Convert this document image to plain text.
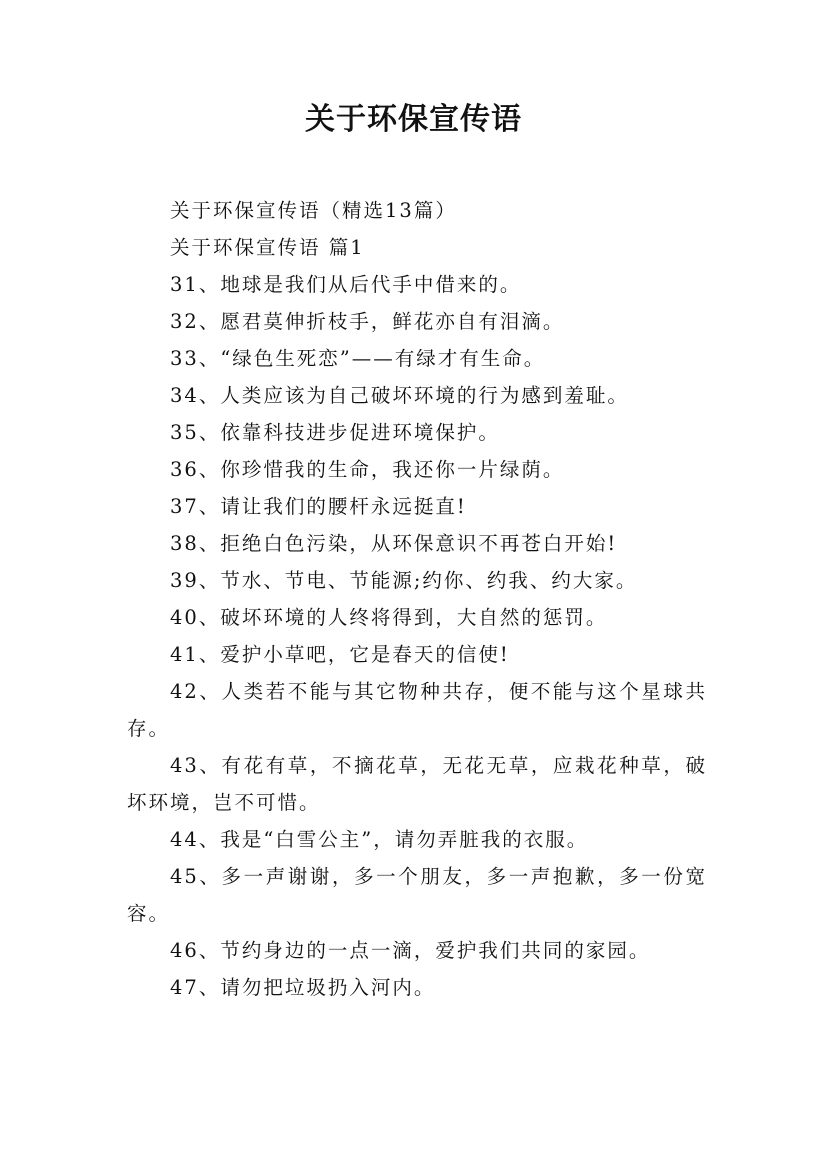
关于环保宣传语

关于环保宣传语（精选13篇）

关于环保宣传语 篇1

31、地球是我们从后代手中借来的。

32、愿君莫伸折枝手，鲜花亦自有泪滴。

33、“绿色生死恋”——有绿才有生命。

34、人类应该为自己破坏环境的行为感到羞耻。

35、依靠科技进步促进环境保护。

36、你珍惜我的生命，我还你一片绿荫。

37、请让我们的腰杆永远挺直!

38、拒绝白色污染，从环保意识不再苍白开始!

39、节水、节电、节能源;约你、约我、约大家。

40、破坏环境的人终将得到，大自然的惩罚。

41、爱护小草吧，它是春天的信使!

42、人类若不能与其它物种共存，便不能与这个星球共存。

43、有花有草，不摘花草，无花无草，应栽花种草，破坏环境，岂不可惜。

44、我是“白雪公主”，请勿弄脏我的衣服。

45、多一声谢谢，多一个朋友，多一声抱歉，多一份宽容。

46、节约身边的一点一滴，爱护我们共同的家园。

47、请勿把垃圾扔入河内。
